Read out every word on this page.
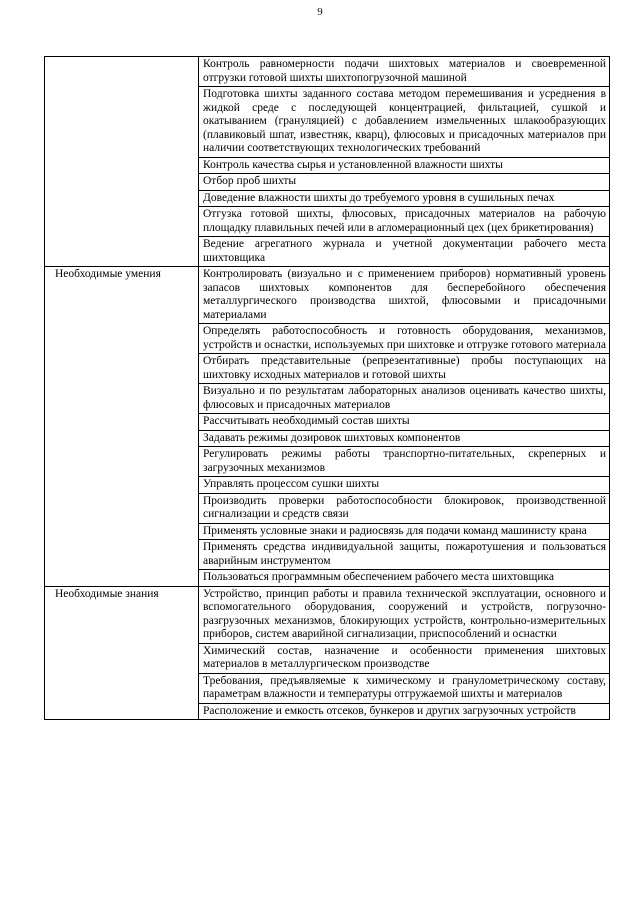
9
	Контроль равномерности подачи шихтовых материалов и своевременной отгрузки готовой шихты шихтопогрузочной машиной
	Подготовка шихты заданного состава методом перемешивания и усреднения в жидкой среде с последующей концентрацией, фильтацией, сушкой и окатыванием (грануляцией) с добавлением измельченных шлакообразующих (плавиковый шпат, известняк, кварц), флюсовых и присадочных материалов при наличии соответствующих технологических требований
	Контроль качества сырья и установленной влажности шихты
	Отбор проб шихты
	Доведение влажности шихты до требуемого уровня в сушильных печах
	Отгузка готовой шихты, флюсовых, присадочных материалов на рабочую площадку плавильных печей или в агломерационный цех (цех брикетирования)
	Ведение агрегатного журнала и учетной документации рабочего места шихтовщика
Необходимые умения	Контролировать (визуально и с применением приборов) нормативный уровень запасов шихтовых компонентов для бесперебойного обеспечения металлургического производства шихтой, флюсовыми и присадочными материалами
	Определять работоспособность и готовность оборудования, механизмов, устройств и оснастки, используемых при шихтовке и отгрузке готового материала
	Отбирать представительные (репрезентативные) пробы поступающих на шихтовку исходных материалов и готовой шихты
	Визуально и по результатам лабораторных анализов оценивать качество шихты, флюсовых и присадочных материалов
	Рассчитывать необходимый состав шихты
	Задавать режимы дозировок шихтовых компонентов
	Регулировать режимы работы транспортно-питательных, скреперных и загрузочных механизмов
	Управлять процессом сушки шихты
	Производить проверки работоспособности блокировок, производственной сигнализации и средств связи
	Применять условные знаки и радиосвязь для подачи команд машинисту крана
	Применять средства индивидуальной защиты, пожаротушения и пользоваться аварийным инструментом
	Пользоваться программным обеспечением рабочего места шихтовщика
Необходимые знания	Устройство, принцип работы и правила технической эксплуатации, основного и вспомогательного оборудования, сооружений и устройств, погрузочно-разгрузочных механизмов, блокирующих устройств, контрольно-измерительных приборов, систем аварийной сигнализации, приспособлений и оснастки
	Химический состав, назначение и особенности применения шихтовых материалов в металлургическом производстве
	Требования, предъявляемые к химическому и гранулометрическому составу, параметрам влажности и температуры отгружаемой шихты и материалов
	Расположение и емкость отсеков, бункеров и других загрузочных устройств
